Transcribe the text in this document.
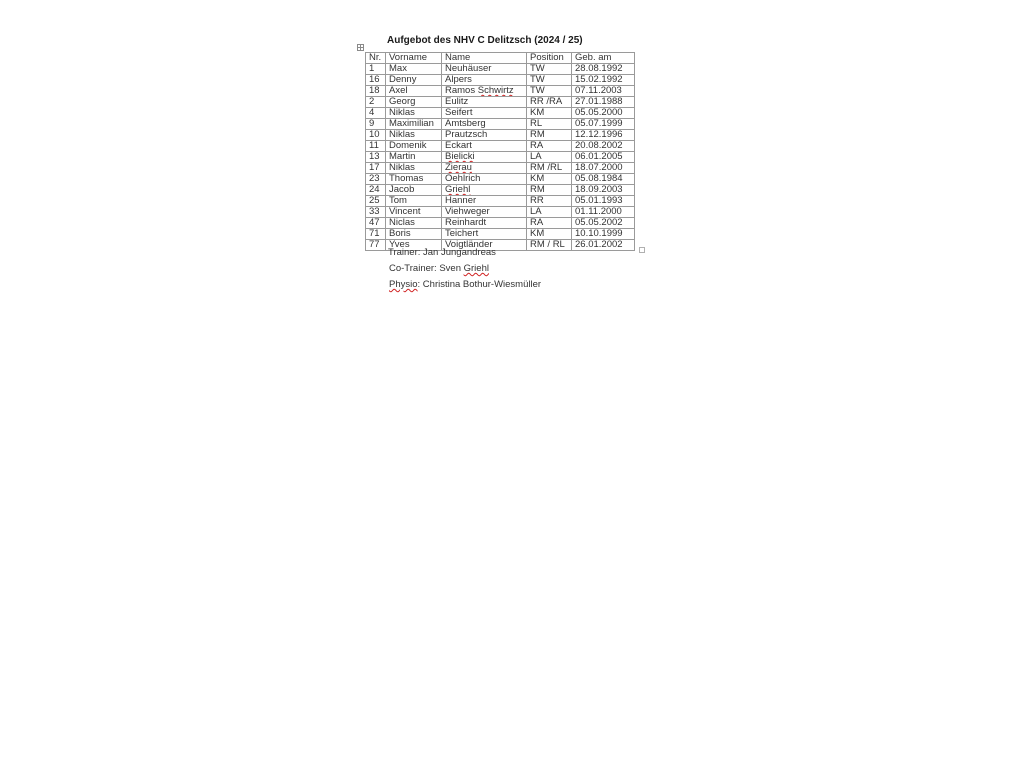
Aufgebot des NHV C Delitzsch (2024 / 25)
Nr.	Vorname	Name	Position	Geb. am
1	Max	Neuhäuser	TW	28.08.1992
16	Denny	Alpers	TW	15.02.1992
18	Axel	Ramos Schwirtz	TW	07.11.2003
2	Georg	Eulitz	RR /RA	27.01.1988
4	Niklas	Seifert	KM	05.05.2000
9	Maximilian	Amtsberg	RL	05.07.1999
10	Niklas	Prautzsch	RM	12.12.1996
11	Domenik	Eckart	RA	20.08.2002
13	Martin	Bielicki	LA	06.01.2005
17	Niklas	Zierau	RM /RL	18.07.2000
23	Thomas	Oehlrich	KM	05.08.1984
24	Jacob	Griehl	RM	18.09.2003
25	Tom	Hanner	RR	05.01.1993
33	Vincent	Viehweger	LA	01.11.2000
47	Niclas	Reinhardt	RA	05.05.2002
71	Boris	Teichert	KM	10.10.1999
77	Yves	Voigtländer	RM / RL	26.01.2002
Trainer: Jan Jungandreas
Co-Trainer: Sven Griehl
Physio: Christina Bothur-Wiesmüller
